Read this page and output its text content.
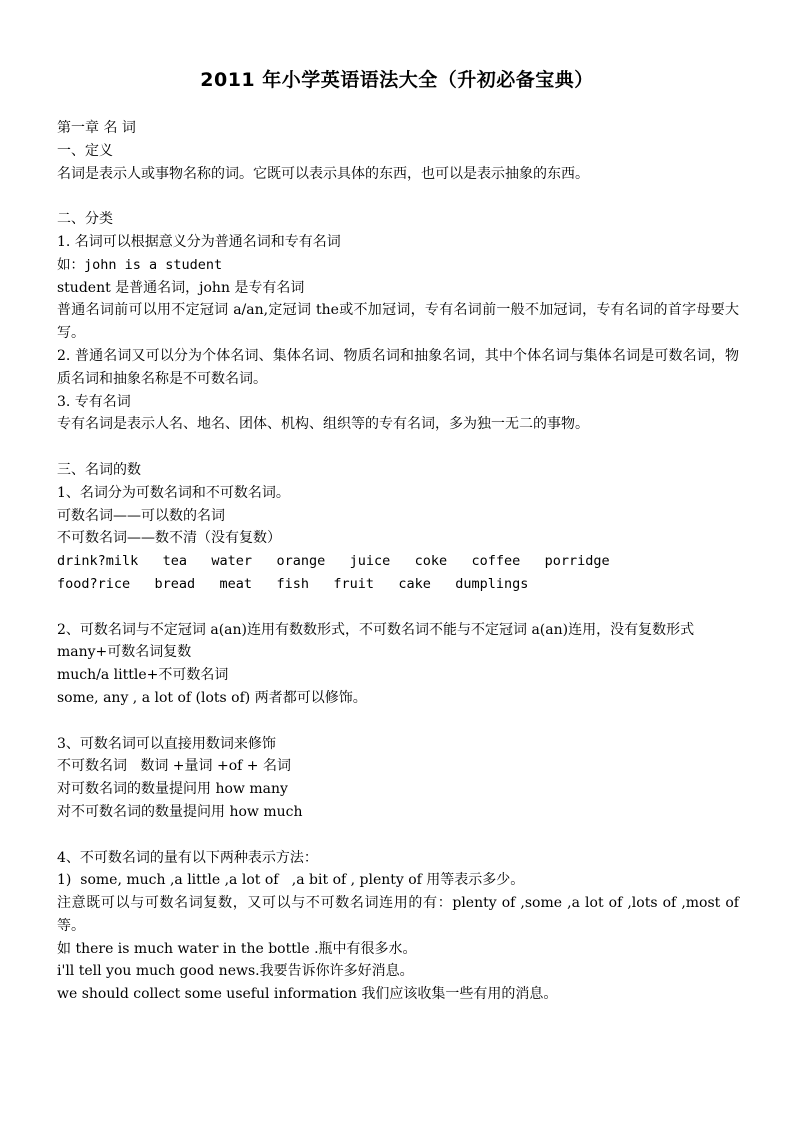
2011 年小学英语语法大全（升初必备宝典）
第一章 名 词
一、定义
名词是表示人或事物名称的词。它既可以表示具体的东西，也可以是表示抽象的东西。
二、分类
1. 名词可以根据意义分为普通名词和专有名词
如：john is a student
student 是普通名词，john 是专有名词
普通名词前可以用不定冠词 a/an,定冠词 the或不加冠词，专有名词前一般不加冠词，专有名词的首字母要大写。
2. 普通名词又可以分为个体名词、集体名词、物质名词和抽象名词，其中个体名词与集体名词是可数名词，物质名词和抽象名称是不可数名词。
3. 专有名词
专有名词是表示人名、地名、团体、机构、组织等的专有名词，多为独一无二的事物。
三、名词的数
1、名词分为可数名词和不可数名词。
可数名词——可以数的名词
不可数名词——数不清（没有复数）
drink?milk   tea   water   orange   juice   coke   coffee   porridge
food?rice   bread   meat   fish   fruit   cake   dumplings
2、可数名词与不定冠词 a(an)连用有数数形式，不可数名词不能与不定冠词 a(an)连用，没有复数形式
many+可数名词复数
much/a little+不可数名词
some, any , a lot of (lots of) 两者都可以修饰。
3、可数名词可以直接用数词来修饰
不可数名词   数词 +量词 +of + 名词
对可数名词的数量提问用 how many
对不可数名词的数量提问用 how much
4、不可数名词的量有以下两种表示方法：
1)  some, much ,a little ,a lot of   ,a bit of , plenty of 用等表示多少。
注意既可以与可数名词复数，又可以与不可数名词连用的有：plenty of ,some ,a lot of ,lots of ,most of 等。
如 there is much water in the bottle .瓶中有很多水。
i'll tell you much good news.我要告诉你许多好消息。
we should collect some useful information 我们应该收集一些有用的消息。
